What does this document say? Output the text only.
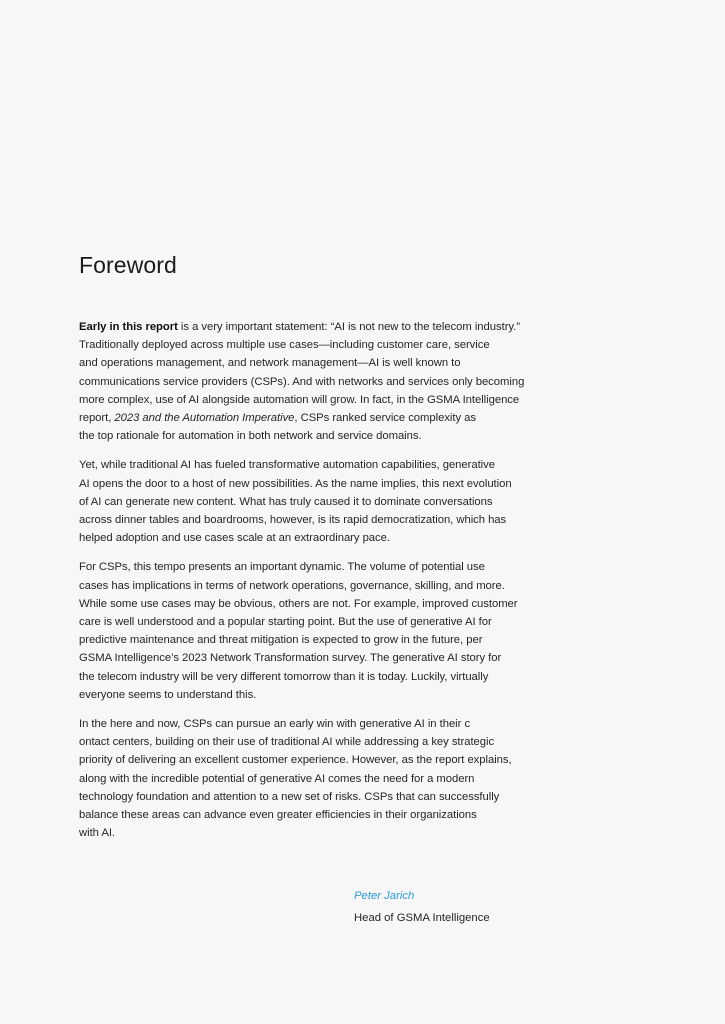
Foreword

Early in this report is a very important statement: “AI is not new to the telecom industry.”
Traditionally deployed across multiple use cases—including customer care, service
and operations management, and network management—AI is well known to
communications service providers (CSPs). And with networks and services only becoming
more complex, use of AI alongside automation will grow. In fact, in the GSMA Intelligence
report, 2023 and the Automation Imperative, CSPs ranked service complexity as
the top rationale for automation in both network and service domains.

Yet, while traditional AI has fueled transformative automation capabilities, generative
AI opens the door to a host of new possibilities. As the name implies, this next evolution
of AI can generate new content. What has truly caused it to dominate conversations
across dinner tables and boardrooms, however, is its rapid democratization, which has
helped adoption and use cases scale at an extraordinary pace.

For CSPs, this tempo presents an important dynamic. The volume of potential use
cases has implications in terms of network operations, governance, skilling, and more.
While some use cases may be obvious, others are not. For example, improved customer
care is well understood and a popular starting point. But the use of generative AI for
predictive maintenance and threat mitigation is expected to grow in the future, per
GSMA Intelligence’s 2023 Network Transformation survey. The generative AI story for
the telecom industry will be very different tomorrow than it is today. Luckily, virtually
everyone seems to understand this.

In the here and now, CSPs can pursue an early win with generative AI in their c
ontact centers, building on their use of traditional AI while addressing a key strategic
priority of delivering an excellent customer experience. However, as the report explains,
along with the incredible potential of generative AI comes the need for a modern
technology foundation and attention to a new set of risks. CSPs that can successfully
balance these areas can advance even greater efficiencies in their organizations
with AI.

Peter Jarich

Head of GSMA Intelligence
